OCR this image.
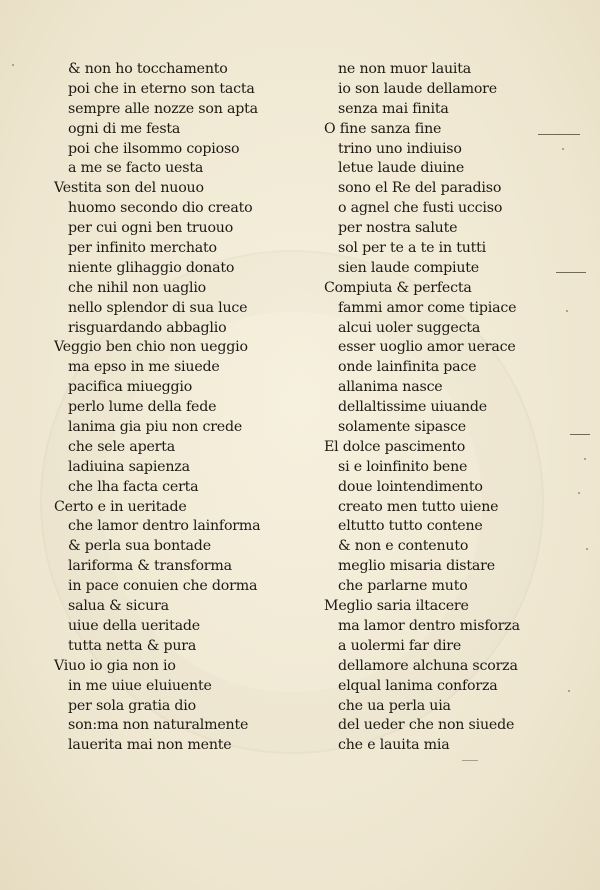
& non ho tocchamento
poi che in eterno son tacta
sempre alle nozze son apta
ogni di me festa
poi che ilsommo copioso
a me se facto uesta
Vestita son del nuouo
huomo secondo dio creato
per cui ogni ben truouo
per infinito merchato
niente glihaggio donato
che nihil non uaglio
nello splendor di sua luce
risguardando abbaglio
Veggio ben chio non ueggio
ma epso in me siuede
pacifica miueggio
perlo lume della fede
lanima gia piu non crede
che sele aperta
ladiuina sapienza
che lha facta certa
Certo e in ueritade
che lamor dentro lainforma
& perla sua bontade
lariforma & transforma
in pace conuien che dorma
salua & sicura
uiue della ueritade
tutta netta & pura
Viuo io gia non io
in me uiue eluiuente
per sola gratia dio
son:ma non naturalmente
lauerita mai non mente
ne non muor lauita
io son laude dellamore
senza mai finita
O fine sanza fine
trino uno indiuiso
letue laude diuine
sono el Re del paradiso
o agnel che fusti ucciso
per nostra salute
sol per te a te in tutti
sien laude compiute
Compiuta & perfecta
fammi amor come tipiace
alcui uoler suggecta
esser uoglio amor uerace
onde lainfinita pace
allanima nasce
dellaltissime uiuande
solamente sipasce
El dolce pascimento
si e loinfinito bene
doue lointendimento
creato men tutto uiene
eltutto tutto contene
& non e contenuto
meglio misaria distare
che parlarne muto
Meglio saria iltacere
ma lamor dentro misforza
a uolermi far dire
dellamore alchuna scorza
elqual lanima conforza
che ua perla uia
del ueder che non siuede
che e lauita mia
